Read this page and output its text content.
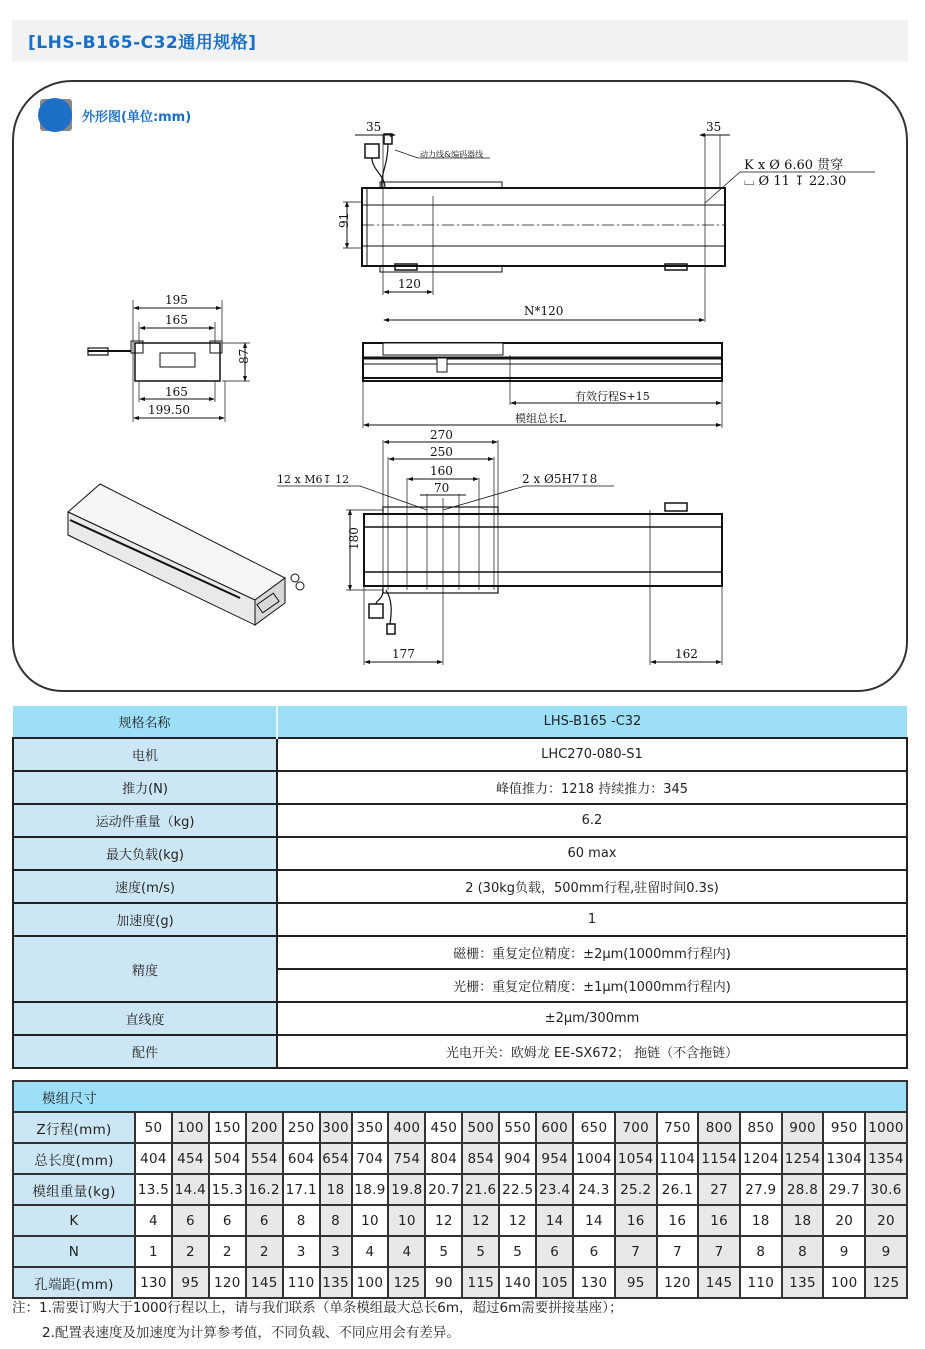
[LHS-B165-C32通用规格]
外形图(单位:mm)
35	35
动力线&编码器线
K x Ø 6.60 贯穿
⌴ Ø 11 ↧ 22.30
91
120
N*120
195
165
87
165
199.50
有效行程S+15
模组总长L
270
250
160
70
12 x M6↧ 12	2 x Ø5H7↧8
180
177	162
规格名称	LHS-B165 -C32
电机	LHC270-080-S1
推力(N)	峰值推力：1218 持续推力：345
运动件重量（kg)	6.2
最大负载(kg)	60 max
速度(m/s)	2 (30kg负载，500mm行程,驻留时间0.3s)
加速度(g)	1
精度	磁栅：重复定位精度：±2μm(1000mm行程内)
	光栅：重复定位精度：±1μm(1000mm行程内)
直线度	±2μm/300mm
配件	光电开关：欧姆龙 EE-SX672； 拖链（不含拖链）
模组尺寸																				
Z行程(mm)	50	100	150	200	250	300	350	400	450	500	550	600	650	700	750	800	850	900	950	1000
总长度(mm)	404	454	504	554	604	654	704	754	804	854	904	954	1004	1054	1104	1154	1204	1254	1304	1354
模组重量(kg)	13.5	14.4	15.3	16.2	17.1	18	18.9	19.8	20.7	21.6	22.5	23.4	24.3	25.2	26.1	27	27.9	28.8	29.7	30.6
K	4	6	6	6	8	8	10	10	12	12	12	14	14	16	16	16	18	18	20	20
N	1	2	2	2	3	3	4	4	5	5	5	6	6	7	7	7	8	8	9	9
孔端距(mm)	130	95	120	145	110	135	100	125	90	115	140	105	130	95	120	145	110	135	100	125
注：1.需要订购大于1000行程以上，请与我们联系（单条模组最大总长6m，超过6m需要拼接基座）；
2.配置表速度及加速度为计算参考值，不同负载、不同应用会有差异。
